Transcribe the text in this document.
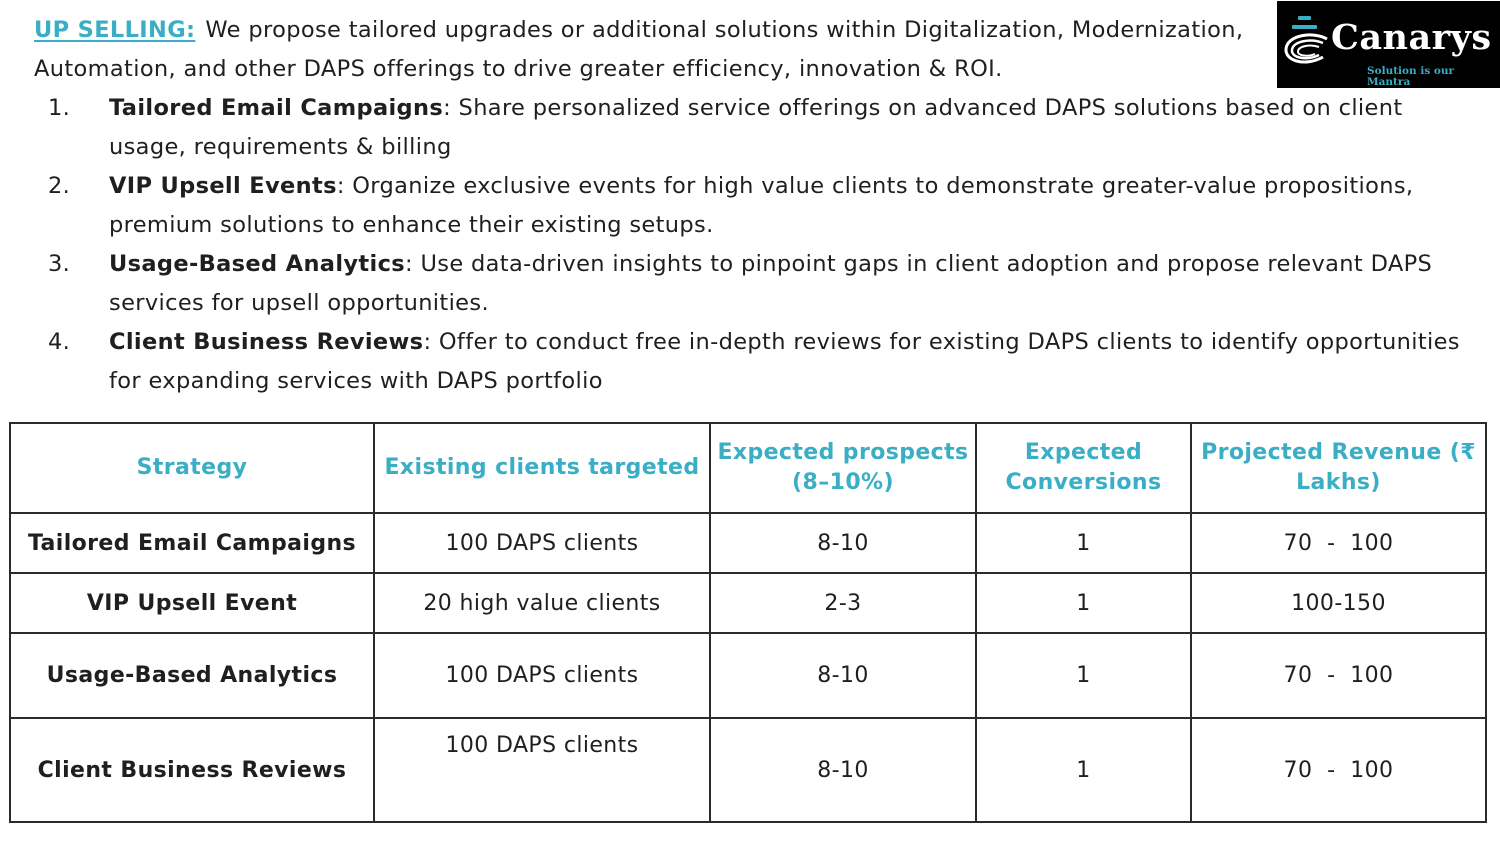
UP SELLING: We propose tailored upgrades or additional solutions within Digitalization, Modernization, Automation, and other DAPS offerings to drive greater efficiency, innovation & ROI.
Canarys
Solution is our Mantra
1. Tailored Email Campaigns: Share personalized service offerings on advanced DAPS solutions based on client usage, requirements & billing
2. VIP Upsell Events: Organize exclusive events for high value clients to demonstrate greater-value propositions, premium solutions to enhance their existing setups.
3. Usage-Based Analytics: Use data-driven insights to pinpoint gaps in client adoption and propose relevant DAPS services for upsell opportunities.
4. Client Business Reviews: Offer to conduct free in-depth reviews for existing DAPS clients to identify opportunities for expanding services with DAPS portfolio
Strategy	Existing clients targeted	Expected prospects (8–10%)	Expected Conversions	Projected Revenue (₹ Lakhs)
Tailored Email Campaigns	100 DAPS clients	8-10	1	70  -  100
VIP Upsell Event	20 high value clients	2-3	1	100-150
Usage-Based Analytics	100 DAPS clients	8-10	1	70  -  100
Client Business Reviews	100 DAPS clients	8-10	1	70  -  100
